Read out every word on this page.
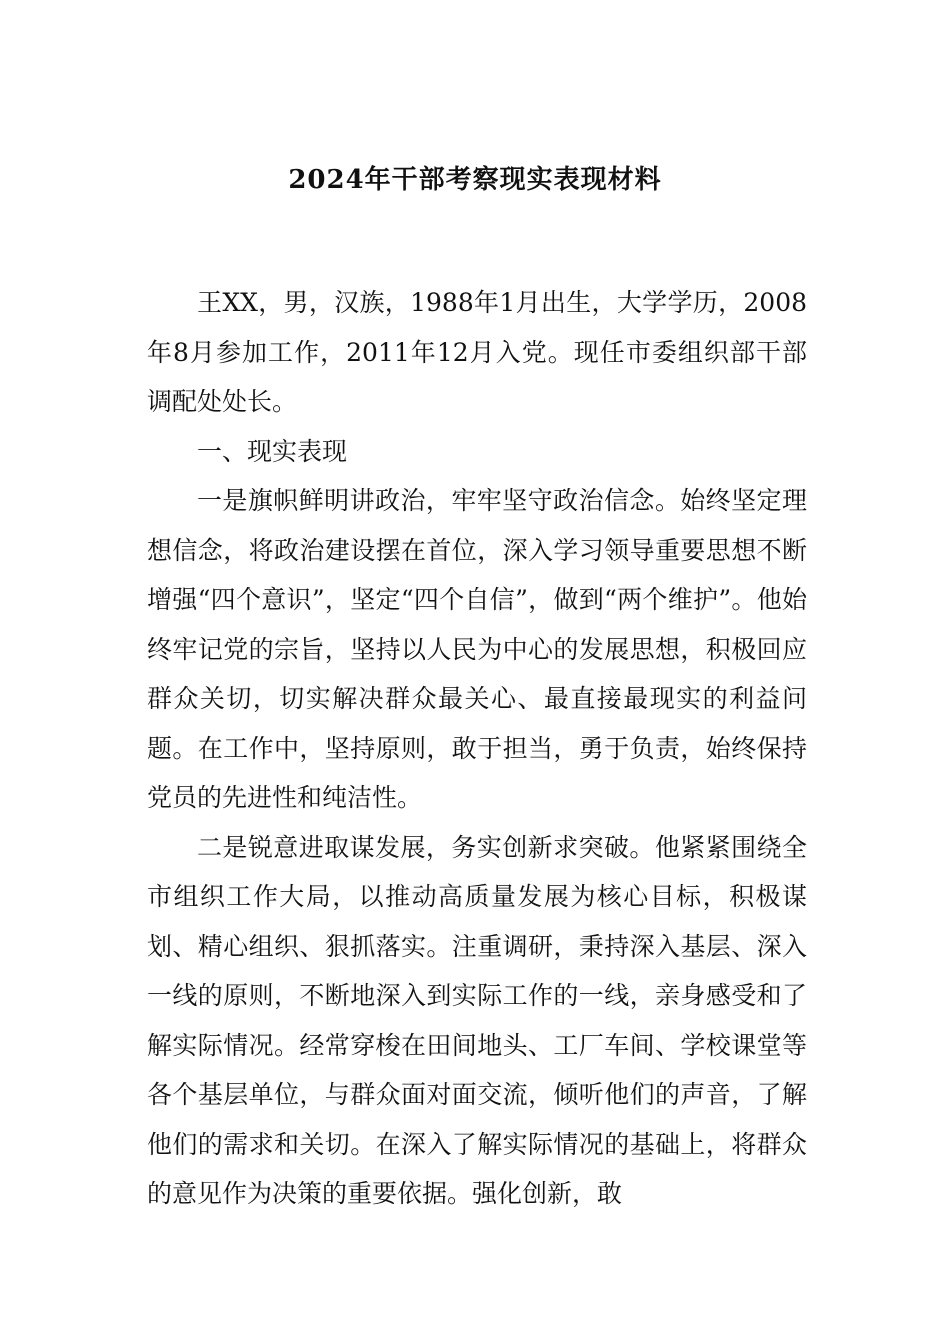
2024年干部考察现实表现材料

王XX，男，汉族，1988年1月出生，大学学历，2008年8月参加工作，2011年12月入党。现任市委组织部干部调配处处长。

一、现实表现

一是旗帜鲜明讲政治，牢牢坚守政治信念。始终坚定理想信念，将政治建设摆在首位，深入学习领导重要思想不断增强“四个意识”，坚定“四个自信”，做到“两个维护”。他始终牢记党的宗旨，坚持以人民为中心的发展思想，积极回应群众关切，切实解决群众最关心、最直接最现实的利益问题。在工作中，坚持原则，敢于担当，勇于负责，始终保持党员的先进性和纯洁性。

二是锐意进取谋发展，务实创新求突破。他紧紧围绕全市组织工作大局，以推动高质量发展为核心目标，积极谋划、精心组织、狠抓落实。注重调研，秉持深入基层、深入一线的原则，不断地深入到实际工作的一线，亲身感受和了解实际情况。经常穿梭在田间地头、工厂车间、学校课堂等各个基层单位，与群众面对面交流，倾听他们的声音，了解他们的需求和关切。在深入了解实际情况的基础上，将群众的意见作为决策的重要依据。强化创新，敢
